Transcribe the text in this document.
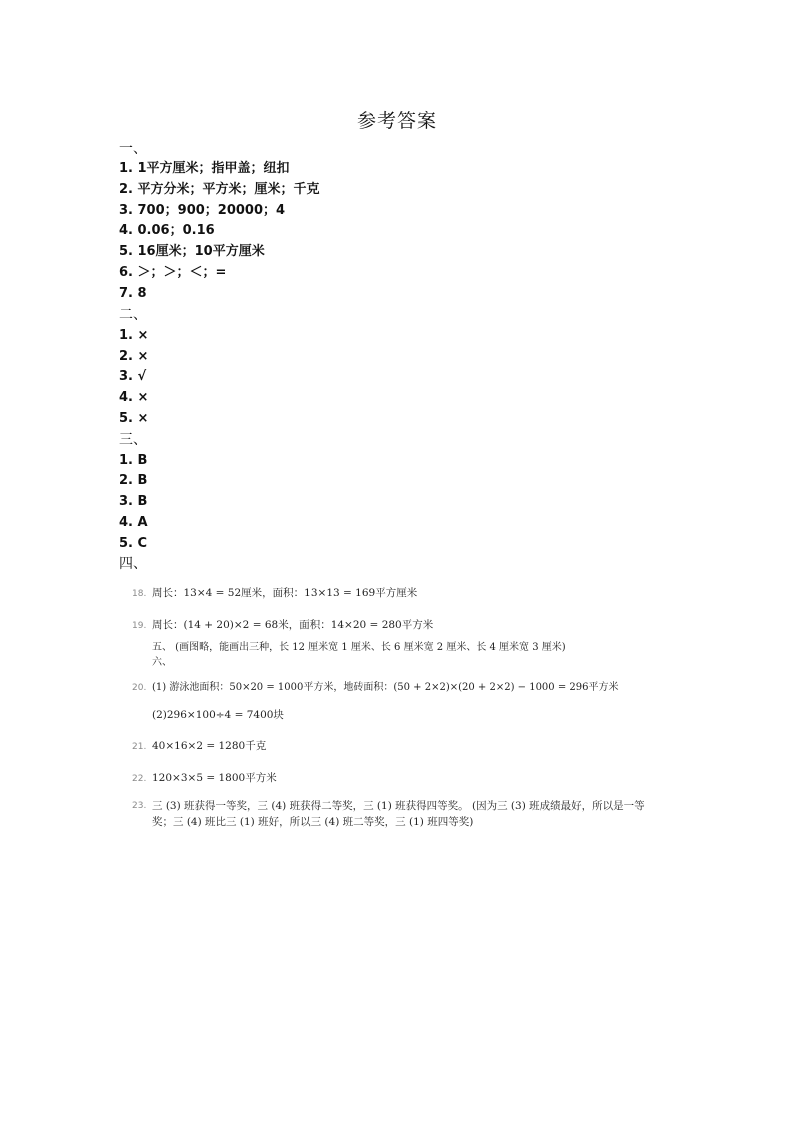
参考答案
一、
1. 1平方厘米；指甲盖；纽扣
2. 平方分米；平方米；厘米；千克
3. 700；900；20000；4
4. 0.06；0.16
5. 16厘米；10平方厘米
6. ＞；＞；＜；=
7. 8
二、
1. ×
2. ×
3. √
4. ×
5. ×
三、
1. B
2. B
3. B
4. A
5. C
四、
18. 周长：13×4 = 52厘米，面积：13×13 = 169平方厘米
19. 周长：(14 + 20)×2 = 68米，面积：14×20 = 280平方米
五、 (画图略，能画出三种，长 12 厘米宽 1 厘米、长 6 厘米宽 2 厘米、长 4 厘米宽 3 厘米)
六、
20. (1) 游泳池面积：50×20 = 1000平方米，地砖面积：(50 + 2×2)×(20 + 2×2) − 1000 = 296平方米
(2)296×100÷4 = 7400块
21. 40×16×2 = 1280千克
22. 120×3×5 = 1800平方米
23. 三 (3) 班获得一等奖，三 (4) 班获得二等奖，三 (1) 班获得四等奖。 (因为三 (3) 班成绩最好，所以是一等奖；三 (4) 班比三 (1) 班好，所以三 (4) 班二等奖，三 (1) 班四等奖)
